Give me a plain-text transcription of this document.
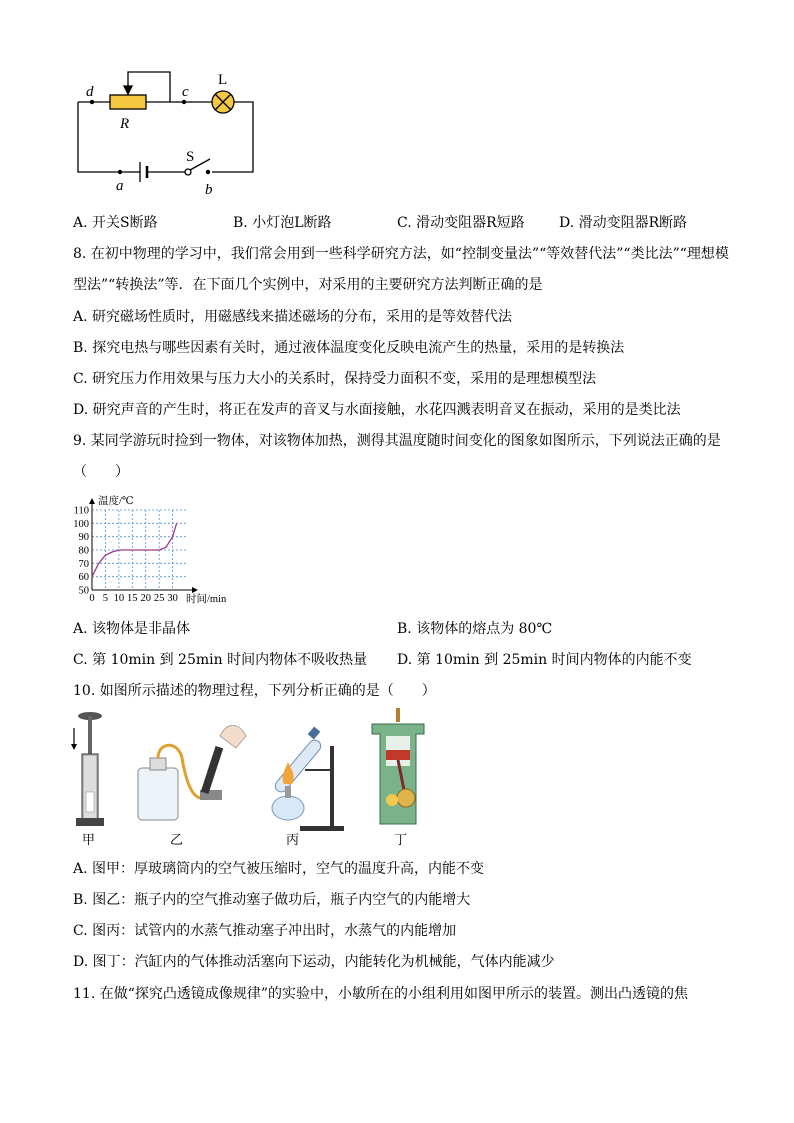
d	c
L
R
S
a	b
A. 开关S断路	B. 小灯泡L断路	C. 滑动变阻器R短路 D. 滑动变阻器R断路
8. 在初中物理的学习中，我们常会用到一些科学研究方法，如“控制变量法”“等效替代法”“类比法”“理想模
型法”“转换法”等．在下面几个实例中，对采用的主要研究方法判断正确的是
A. 研究磁场性质时，用磁感线来描述磁场的分布，采用的是等效替代法
B. 探究电热与哪些因素有关时，通过液体温度变化反映电流产生的热量，采用的是转换法
C. 研究压力作用效果与压力大小的关系时，保持受力面积不变，采用的是理想模型法
D. 研究声音的产生时，将正在发声的音叉与水面接触，水花四溅表明音叉在振动，采用的是类比法
9. 某同学游玩时捡到一物体，对该物体加热，测得其温度随时间变化的图象如图所示，下列说法正确的是
（　　）
50
60
70
80
90
100
110
0 5 10 15 20 25 30
温度/℃
时间/min
A. 该物体是非晶体	B. 该物体的熔点为 80℃
C. 第 10min 到 25min 时间内物体不吸收热量 D. 第 10min 到 25min 时间内物体的内能不变
10. 如图所示描述的物理过程，下列分析正确的是（　　）
甲	乙	丙	丁
A. 图甲：厚玻璃筒内的空气被压缩时，空气的温度升高，内能不变
B. 图乙：瓶子内的空气推动塞子做功后，瓶子内空气的内能增大
C. 图丙：试管内的水蒸气推动塞子冲出时，水蒸气的内能增加
D. 图丁：汽缸内的气体推动活塞向下运动，内能转化为机械能，气体内能减少
11. 在做“探究凸透镜成像规律”的实验中，小敏所在的小组利用如图甲所示的装置。测出凸透镜的焦
